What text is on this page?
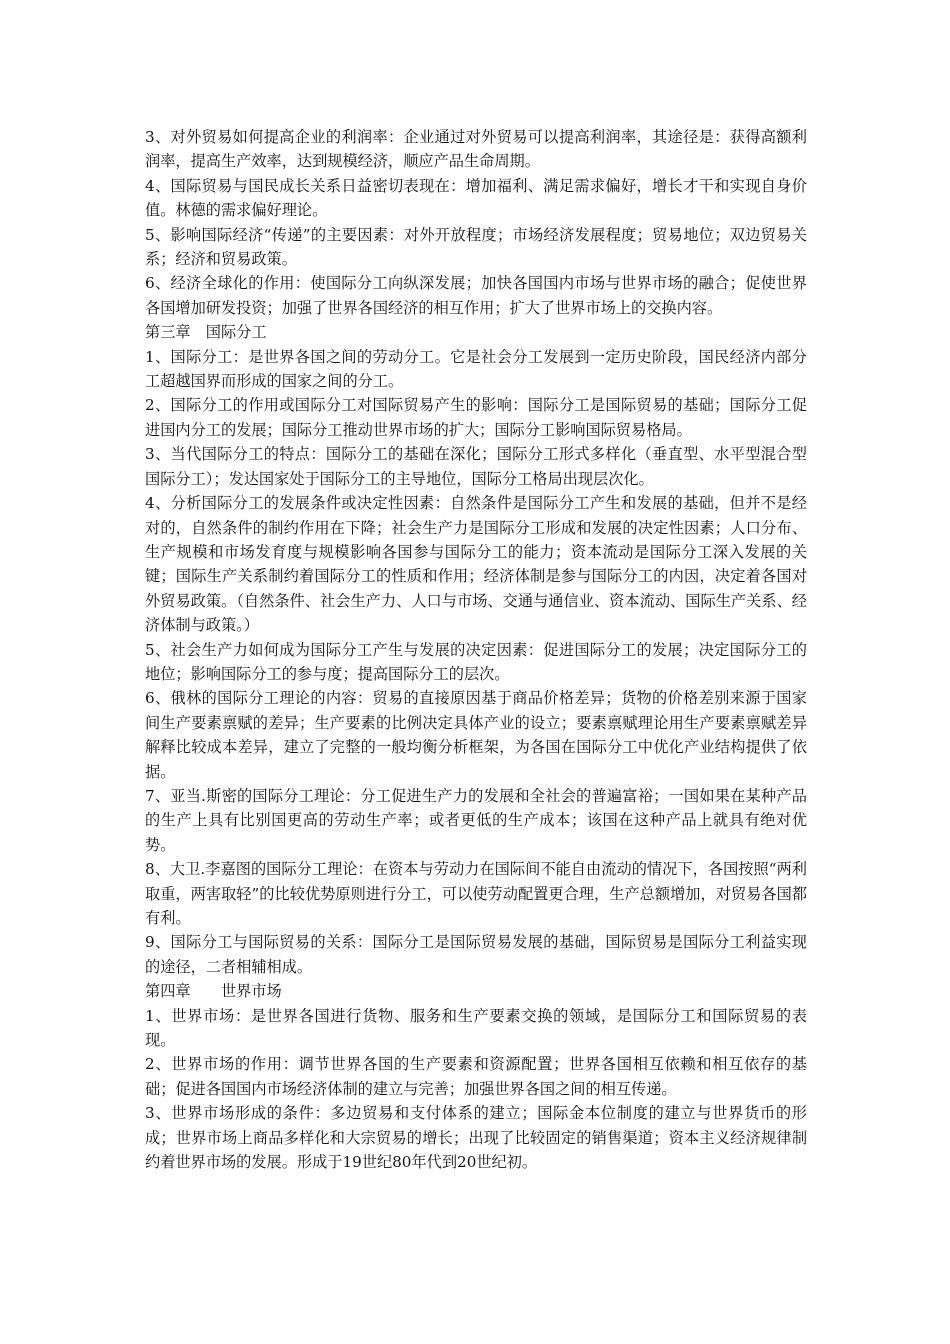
3、对外贸易如何提高企业的利润率：企业通过对外贸易可以提高利润率，其途径是：获得高额利润率，提高生产效率，达到规模经济，顺应产品生命周期。

4、国际贸易与国民成长关系日益密切表现在：增加福利、满足需求偏好，增长才干和实现自身价值。林德的需求偏好理论。

5、影响国际经济“传递”的主要因素：对外开放程度；市场经济发展程度；贸易地位；双边贸易关系；经济和贸易政策。

6、经济全球化的作用：使国际分工向纵深发展；加快各国国内市场与世界市场的融合；促使世界各国增加研发投资；加强了世界各国经济的相互作用；扩大了世界市场上的交换内容。

第三章　国际分工

1、国际分工：是世界各国之间的劳动分工。它是社会分工发展到一定历史阶段，国民经济内部分工超越国界而形成的国家之间的分工。

2、国际分工的作用或国际分工对国际贸易产生的影响：国际分工是国际贸易的基础；国际分工促进国内分工的发展；国际分工推动世界市场的扩大；国际分工影响国际贸易格局。

3、当代国际分工的特点：国际分工的基础在深化；国际分工形式多样化（垂直型、水平型混合型国际分工）；发达国家处于国际分工的主导地位，国际分工格局出现层次化。

4、分析国际分工的发展条件或决定性因素：自然条件是国际分工产生和发展的基础，但并不是经对的，自然条件的制约作用在下降；社会生产力是国际分工形成和发展的决定性因素；人口分布、生产规模和市场发育度与规模影响各国参与国际分工的能力；资本流动是国际分工深入发展的关键；国际生产关系制约着国际分工的性质和作用；经济体制是参与国际分工的内因，决定着各国对外贸易政策。（自然条件、社会生产力、人口与市场、交通与通信业、资本流动、国际生产关系、经济体制与政策。）

5、社会生产力如何成为国际分工产生与发展的决定因素：促进国际分工的发展；决定国际分工的地位；影响国际分工的参与度；提高国际分工的层次。

6、俄林的国际分工理论的内容：贸易的直接原因基于商品价格差异；货物的价格差别来源于国家间生产要素禀赋的差异；生产要素的比例决定具体产业的设立；要素禀赋理论用生产要素禀赋差异解释比较成本差异，建立了完整的一般均衡分析框架，为各国在国际分工中优化产业结构提供了依据。

7、亚当.斯密的国际分工理论：分工促进生产力的发展和全社会的普遍富裕；一国如果在某种产品的生产上具有比别国更高的劳动生产率；或者更低的生产成本；该国在这种产品上就具有绝对优势。

8、大卫.李嘉图的国际分工理论：在资本与劳动力在国际间不能自由流动的情况下，各国按照“两利取重，两害取轻”的比较优势原则进行分工，可以使劳动配置更合理，生产总额增加，对贸易各国都有利。

9、国际分工与国际贸易的关系：国际分工是国际贸易发展的基础，国际贸易是国际分工利益实现的途径，二者相辅相成。

第四章　　世界市场

1、世界市场：是世界各国进行货物、服务和生产要素交换的领域，是国际分工和国际贸易的表现。

2、世界市场的作用：调节世界各国的生产要素和资源配置；世界各国相互依赖和相互依存的基础；促进各国国内市场经济体制的建立与完善；加强世界各国之间的相互传递。

3、世界市场形成的条件：多边贸易和支付体系的建立；国际金本位制度的建立与世界货币的形成；世界市场上商品多样化和大宗贸易的增长；出现了比较固定的销售渠道；资本主义经济规律制约着世界市场的发展。形成于19世纪80年代到20世纪初。
